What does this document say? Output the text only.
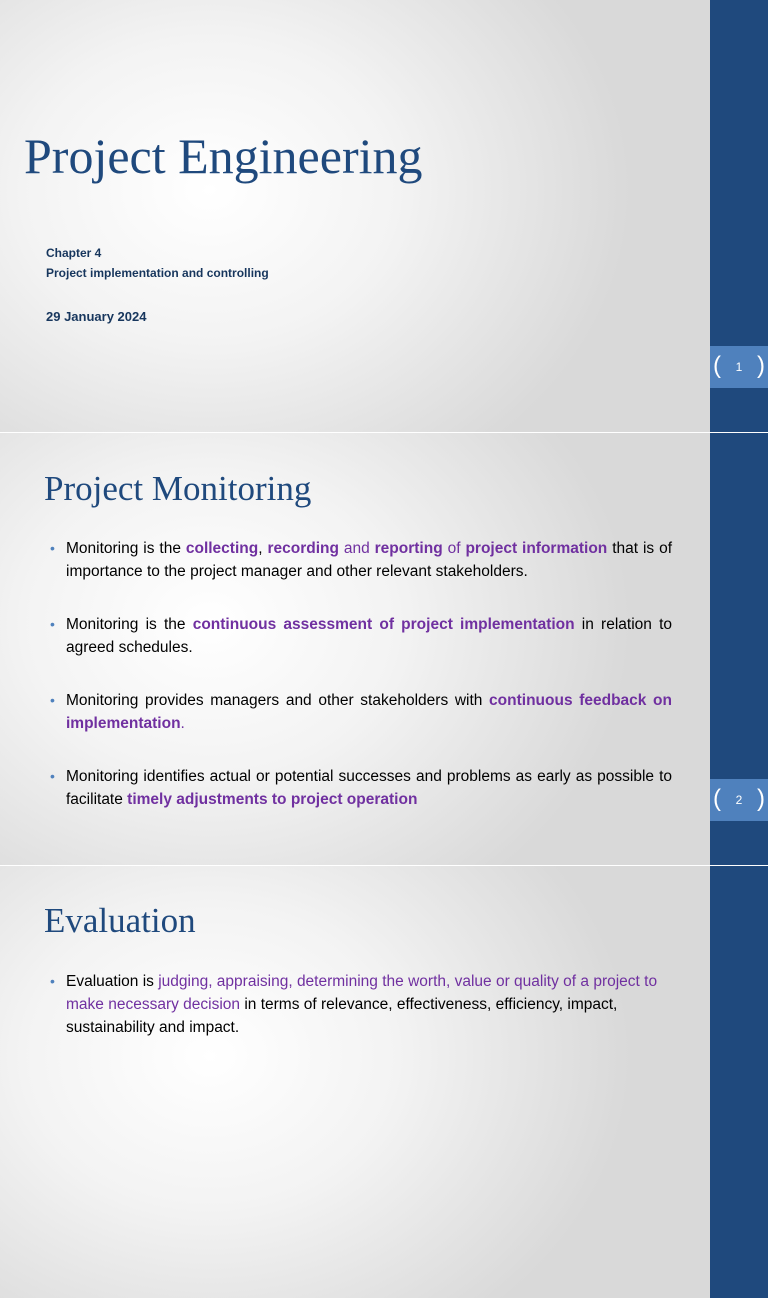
(	1 )
Project Engineering
Chapter 4
Project implementation and controlling
29 January 2024
(	2 )
Project Monitoring
• Monitoring is the collecting, recording and reporting of project information that is of importance to the project manager and other relevant stakeholders.
• Monitoring is the continuous assessment of project implementation in relation to agreed schedules.
• Monitoring provides managers and other stakeholders with continuous feedback on implementation.
• Monitoring identifies actual or potential successes and problems as early as possible to facilitate timely adjustments to project operation
Evaluation
• Evaluation is judging, appraising, determining the worth, value or quality of a project to make necessary decision in terms of relevance, effectiveness, efficiency, impact, sustainability and impact.
